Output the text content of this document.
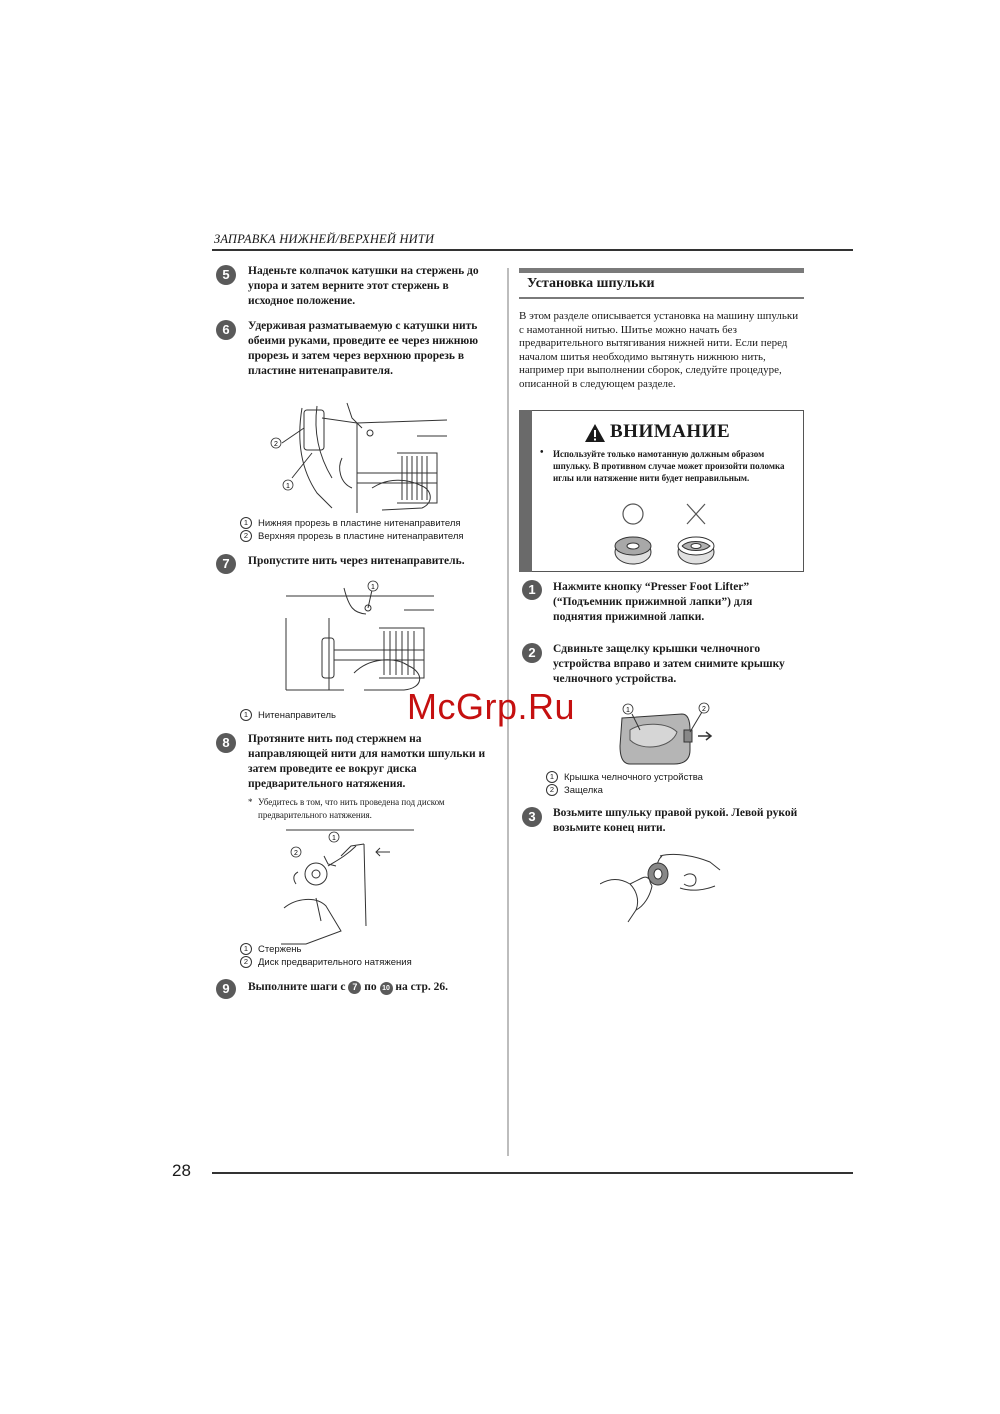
ЗАПРАВКА НИЖНЕЙ/ВЕРХНЕЙ НИТИ
5	Наденьте колпачок катушки на стержень до упора и затем верните этот стержень в исходное положение.
6	Удерживая разматываемую с катушки нить обеими руками, проведите ее через нижнюю прорезь и затем через верхнюю прорезь в пластине нитенаправителя.
2
1
1 Нижняя прорезь в пластине нитенаправителя
2 Верхняя прорезь в пластине нитенаправителя
7	Пропустите нить через нитенаправитель.
1
1 Нитенаправитель
8	Протяните нить под стержнем на направляющей нити для намотки шпульки и затем проведите ее вокруг диска предварительного натяжения.
* Убедитесь в том, что нить проведена под диском предварительного натяжения.
2
1
1 Стержень
2 Диск предварительного натяжения
9	Выполните шаги с 7 по 10 на стр. 26.
Установка шпульки
В этом разделе описывается установка на машину шпульки с намотанной нитью. Шитье можно начать без предварительного вытягивания нижней нити. Если перед началом шитья необходимо вытянуть нижнюю нить, например при выполнении сборок, следуйте процедуре, описанной в следующем разделе.
ВНИМАНИЕ
• Используйте только намотанную должным образом шпульку. В противном случае может произойти поломка иглы или натяжение нити будет неправильным.
1	Нажмите кнопку “Presser Foot Lifter” (“Подъемник прижимной лапки”) для поднятия прижимной лапки.
2	Сдвиньте защелку крышки челночного устройства вправо и затем снимите крышку челночного устройства.
1	2
1 Крышка челночного устройства
2 Защелка
3	Возьмите шпульку правой рукой. Левой рукой возьмите конец нити.
McGrp.Ru
28
